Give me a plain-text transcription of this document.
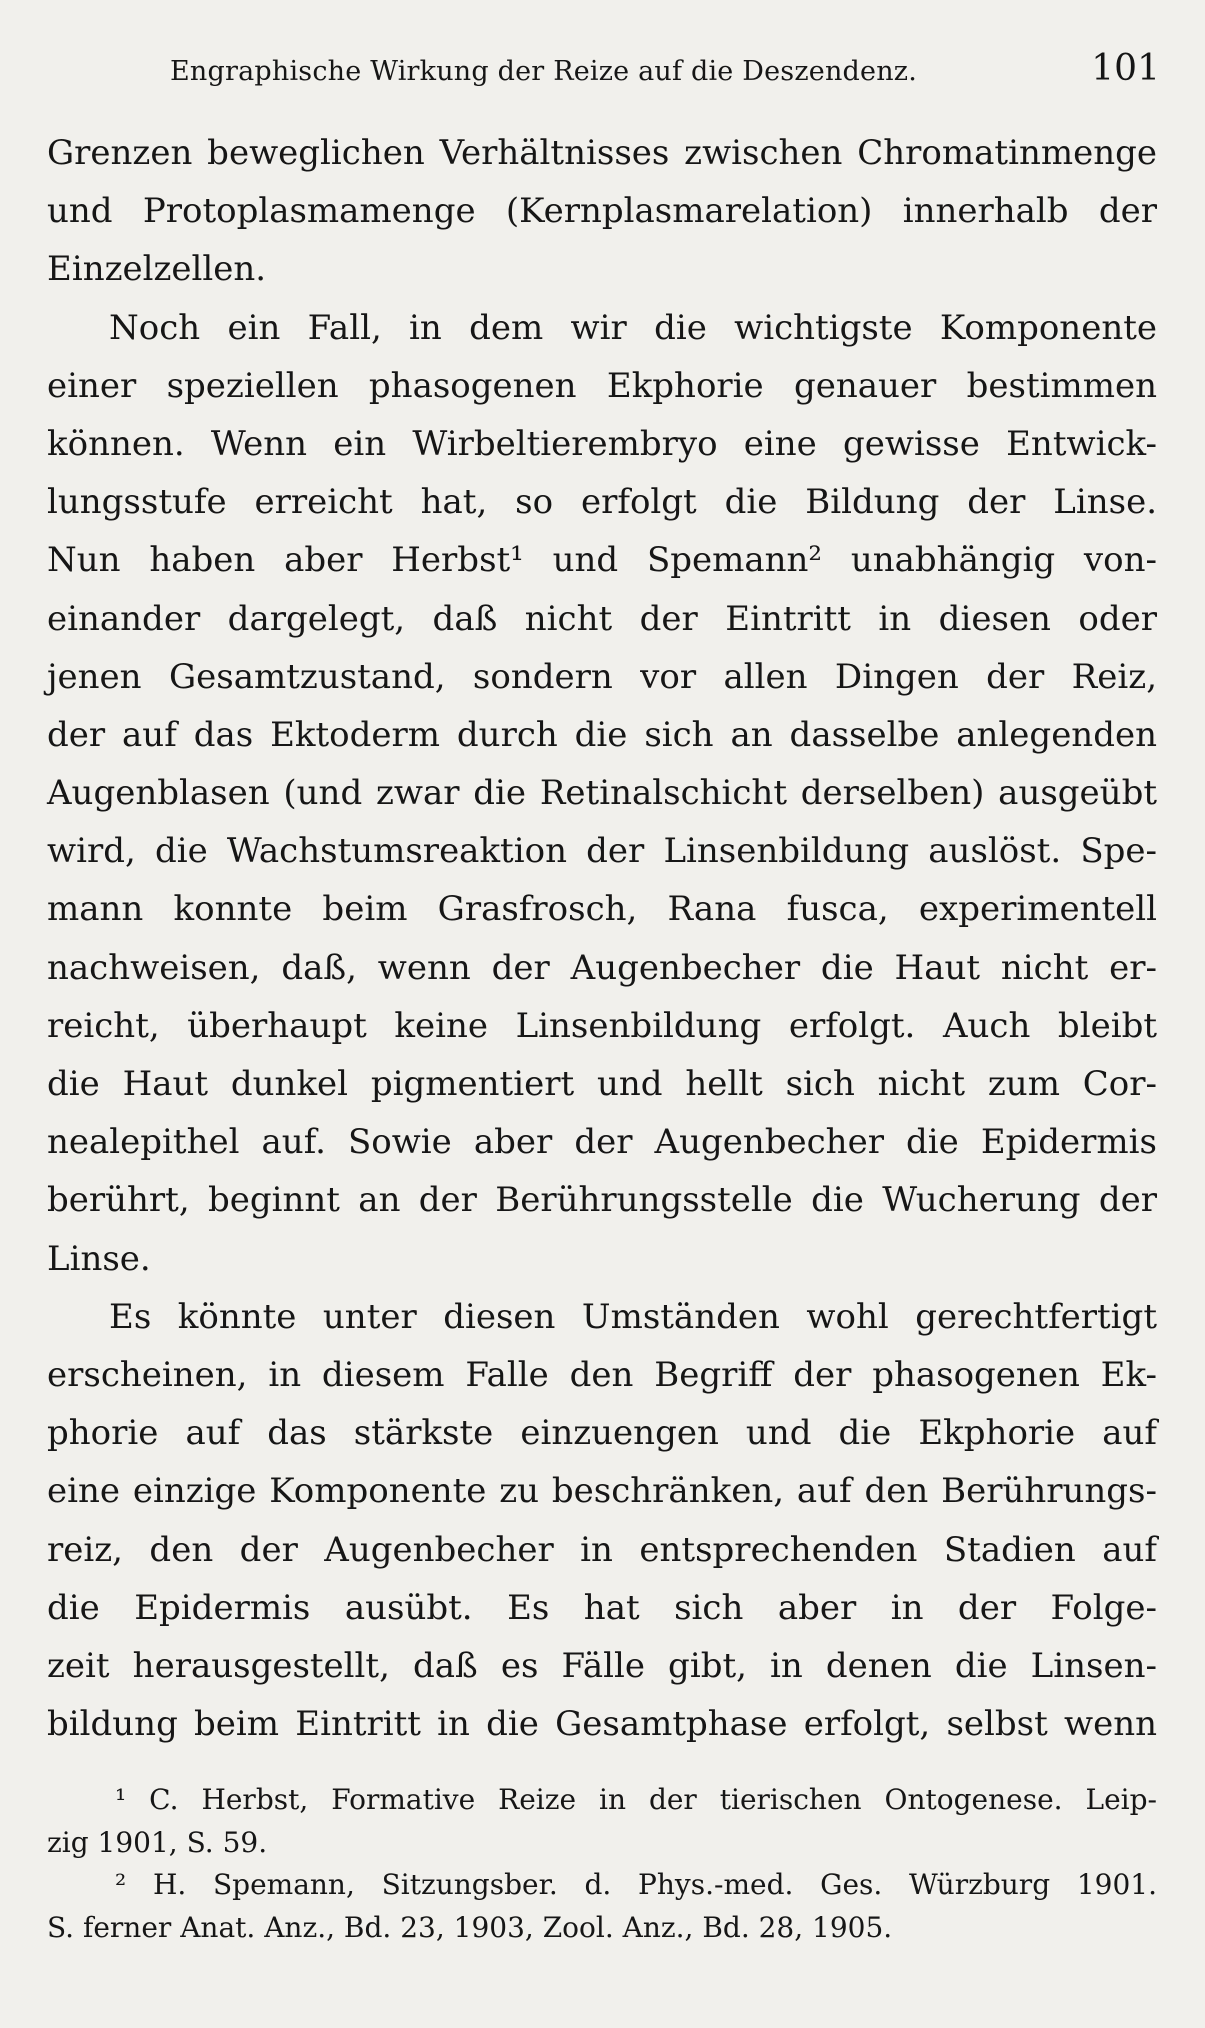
Engraphische Wirkung der Reize auf die Deszendenz.	101
Grenzen beweglichen Verhältnisses zwischen Chromatinmenge
und Protoplasmamenge (Kernplasmarelation) innerhalb der
Einzelzellen.
Noch ein Fall, in dem wir die wichtigste Komponente
einer speziellen phasogenen Ekphorie genauer bestimmen
können. Wenn ein Wirbeltierembryo eine gewisse Entwick-
lungsstufe erreicht hat, so erfolgt die Bildung der Linse.
Nun haben aber Herbst¹ und Spemann² unabhängig von-
einander dargelegt, daß nicht der Eintritt in diesen oder
jenen Gesamtzustand, sondern vor allen Dingen der Reiz,
der auf das Ektoderm durch die sich an dasselbe anlegenden
Augenblasen (und zwar die Retinalschicht derselben) ausgeübt
wird, die Wachstumsreaktion der Linsenbildung auslöst. Spe-
mann konnte beim Grasfrosch, Rana fusca, experimentell
nachweisen, daß, wenn der Augenbecher die Haut nicht er-
reicht, überhaupt keine Linsenbildung erfolgt. Auch bleibt
die Haut dunkel pigmentiert und hellt sich nicht zum Cor-
nealepithel auf. Sowie aber der Augenbecher die Epidermis
berührt, beginnt an der Berührungsstelle die Wucherung der
Linse.
Es könnte unter diesen Umständen wohl gerechtfertigt
erscheinen, in diesem Falle den Begriff der phasogenen Ek-
phorie auf das stärkste einzuengen und die Ekphorie auf
eine einzige Komponente zu beschränken, auf den Berührungs-
reiz, den der Augenbecher in entsprechenden Stadien auf
die Epidermis ausübt. Es hat sich aber in der Folge-
zeit herausgestellt, daß es Fälle gibt, in denen die Linsen-
bildung beim Eintritt in die Gesamtphase erfolgt, selbst wenn
¹ C. Herbst, Formative Reize in der tierischen Ontogenese. Leip-
zig 1901, S. 59.
² H. Spemann, Sitzungsber. d. Phys.-med. Ges. Würzburg 1901.
S. ferner Anat. Anz., Bd. 23, 1903, Zool. Anz., Bd. 28, 1905.
